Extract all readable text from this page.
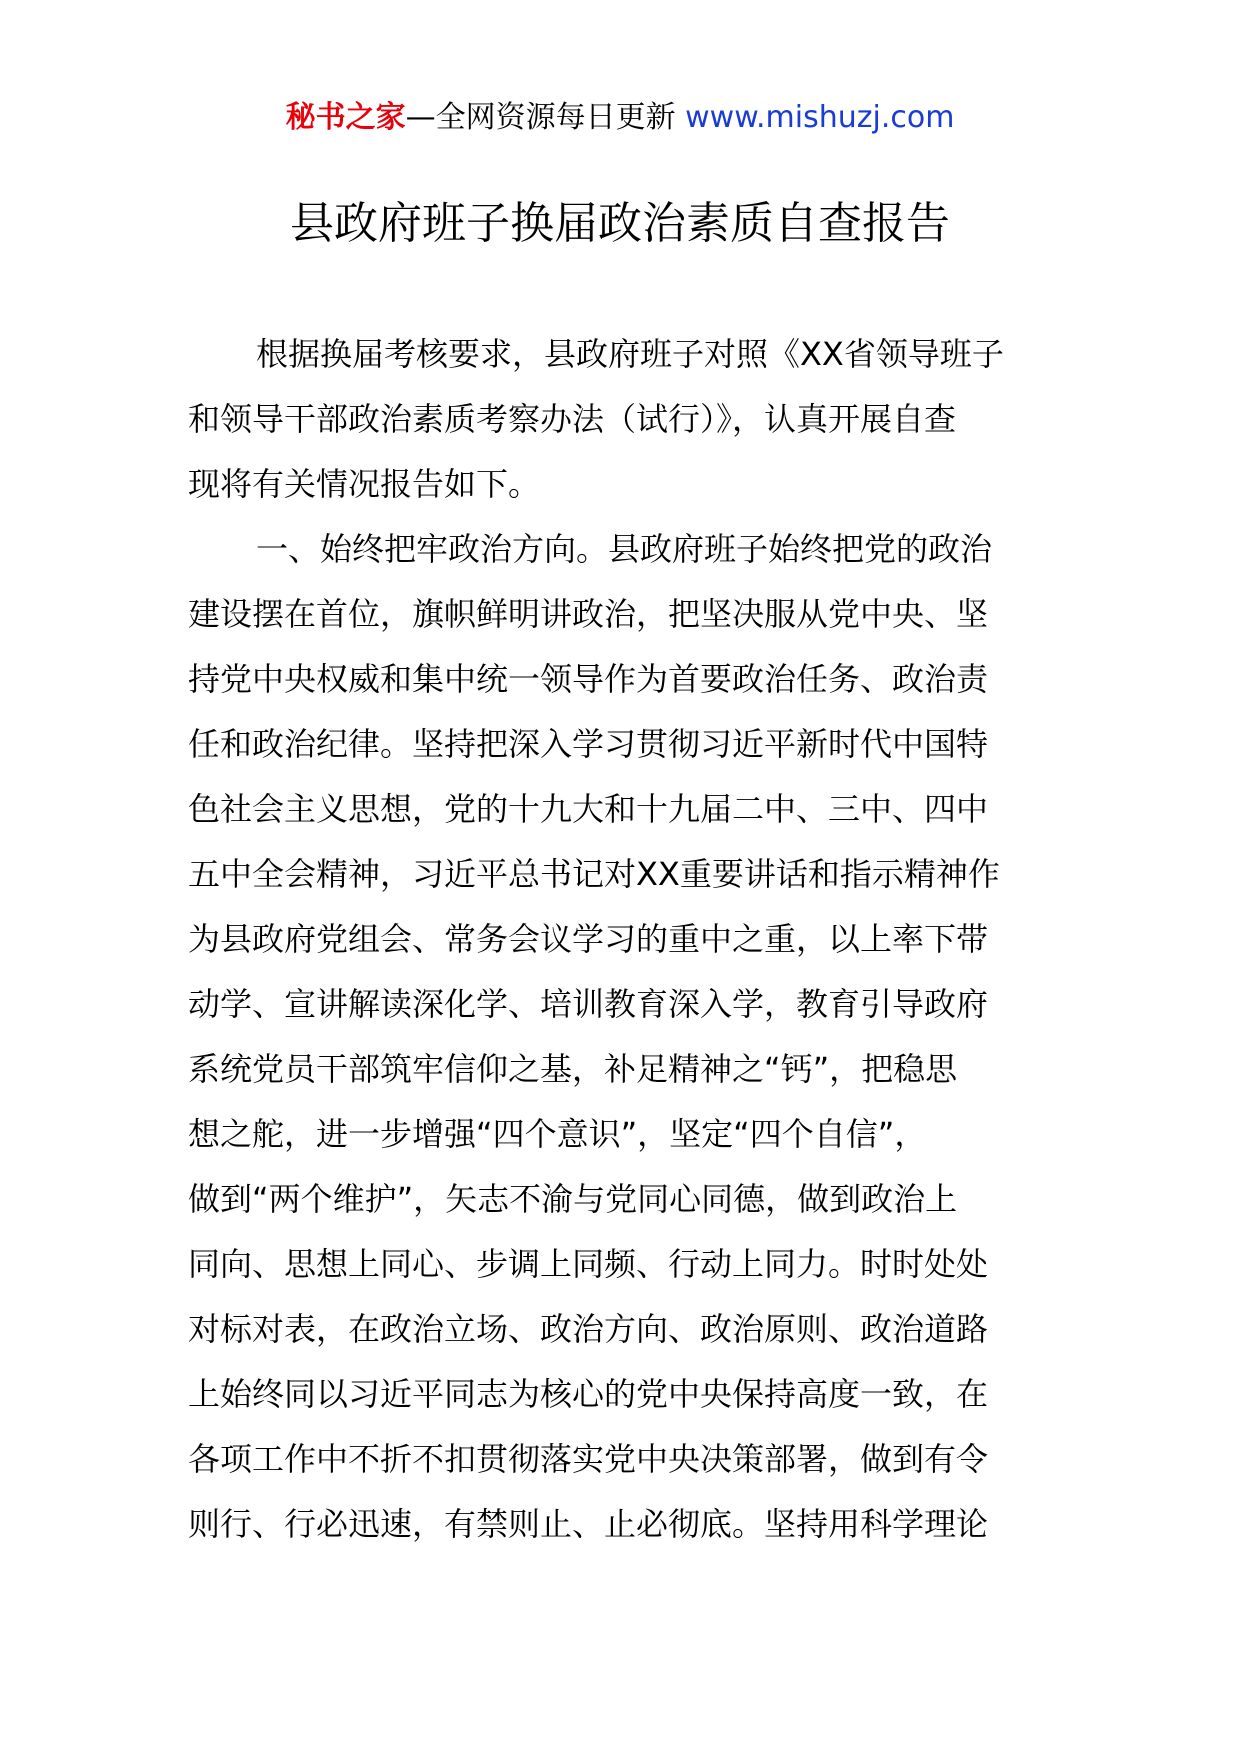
秘书之家—全网资源每日更新 www.mishuzj.com
县政府班子换届政治素质自查报告
根据换届考核要求，县政府班子对照《XX省领导班子
和领导干部政治素质考察办法（试行）》，认真开展自查
现将有关情况报告如下。
一、始终把牢政治方向。县政府班子始终把党的政治
建设摆在首位，旗帜鲜明讲政治，把坚决服从党中央、坚
持党中央权威和集中统一领导作为首要政治任务、政治责
任和政治纪律。坚持把深入学习贯彻习近平新时代中国特
色社会主义思想，党的十九大和十九届二中、三中、四中
五中全会精神，习近平总书记对XX重要讲话和指示精神作
为县政府党组会、常务会议学习的重中之重，以上率下带
动学、宣讲解读深化学、培训教育深入学，教育引导政府
系统党员干部筑牢信仰之基，补足精神之“钙”，把稳思
想之舵，进一步增强“四个意识”，坚定“四个自信”，
做到“两个维护”，矢志不渝与党同心同德，做到政治上
同向、思想上同心、步调上同频、行动上同力。时时处处
对标对表，在政治立场、政治方向、政治原则、政治道路
上始终同以习近平同志为核心的党中央保持高度一致，在
各项工作中不折不扣贯彻落实党中央决策部署，做到有令
则行、行必迅速，有禁则止、止必彻底。坚持用科学理论
